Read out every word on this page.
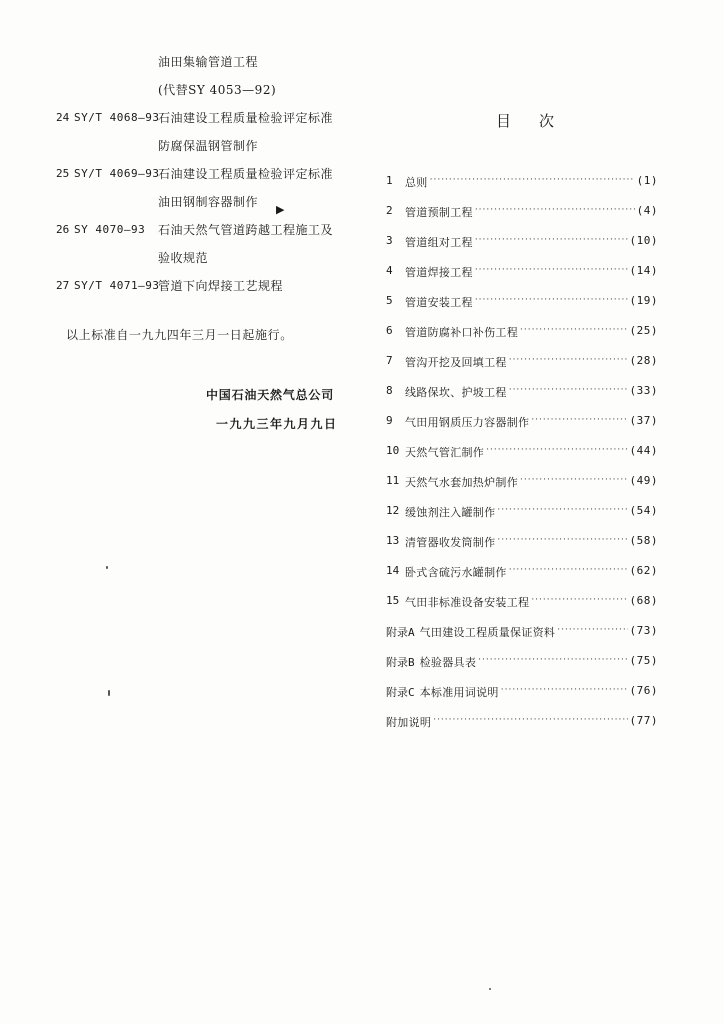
油田集输管道工程
(代替SY 4053—92)
24 SY/T 4068—93
石油建设工程质量检验评定标准
防腐保温钢管制作
25 SY/T 4069—93
石油建设工程质量检验评定标准
油田钢制容器制作
26 SY 4070—93 石油天然气管道跨越工程施工及
验收规范
27 SY/T 4071—93
管道下向焊接工艺规程
▶
以上标准自一九九四年三月一日起施行。
中国石油天然气总公司
一九九三年九月九日
目次
1	总则 ·····	(1)
2	管道预制工程 ·····	(4)
3	管道组对工程 ·····	(10)
4	管道焊接工程 ·····	(14)
5	管道安装工程 ·····	(19)
6	管道防腐补口补伤工程 ·····	(25)
7	管沟开挖及回填工程 ·····	(28)
8	线路保坎、护坡工程 ·····	(33)
9	气田用钢质压力容器制作 ·····	(37)
10 天然气管汇制作 ·····	(44)
11 天然气水套加热炉制作 ·····	(49)
12 缓蚀剂注入罐制作 ·····	(54)
13 清管器收发筒制作 ·····	(58)
14 卧式含硫污水罐制作 ·····	(62)
15 气田非标准设备安装工程 ·····	(68)
附录A 气田建设工程质量保证资料 ·····	(73)
附录B 检验器具表 ·····	(75)
附录C 本标准用词说明 ·····	(76)
附加说明 ·····	(77)
